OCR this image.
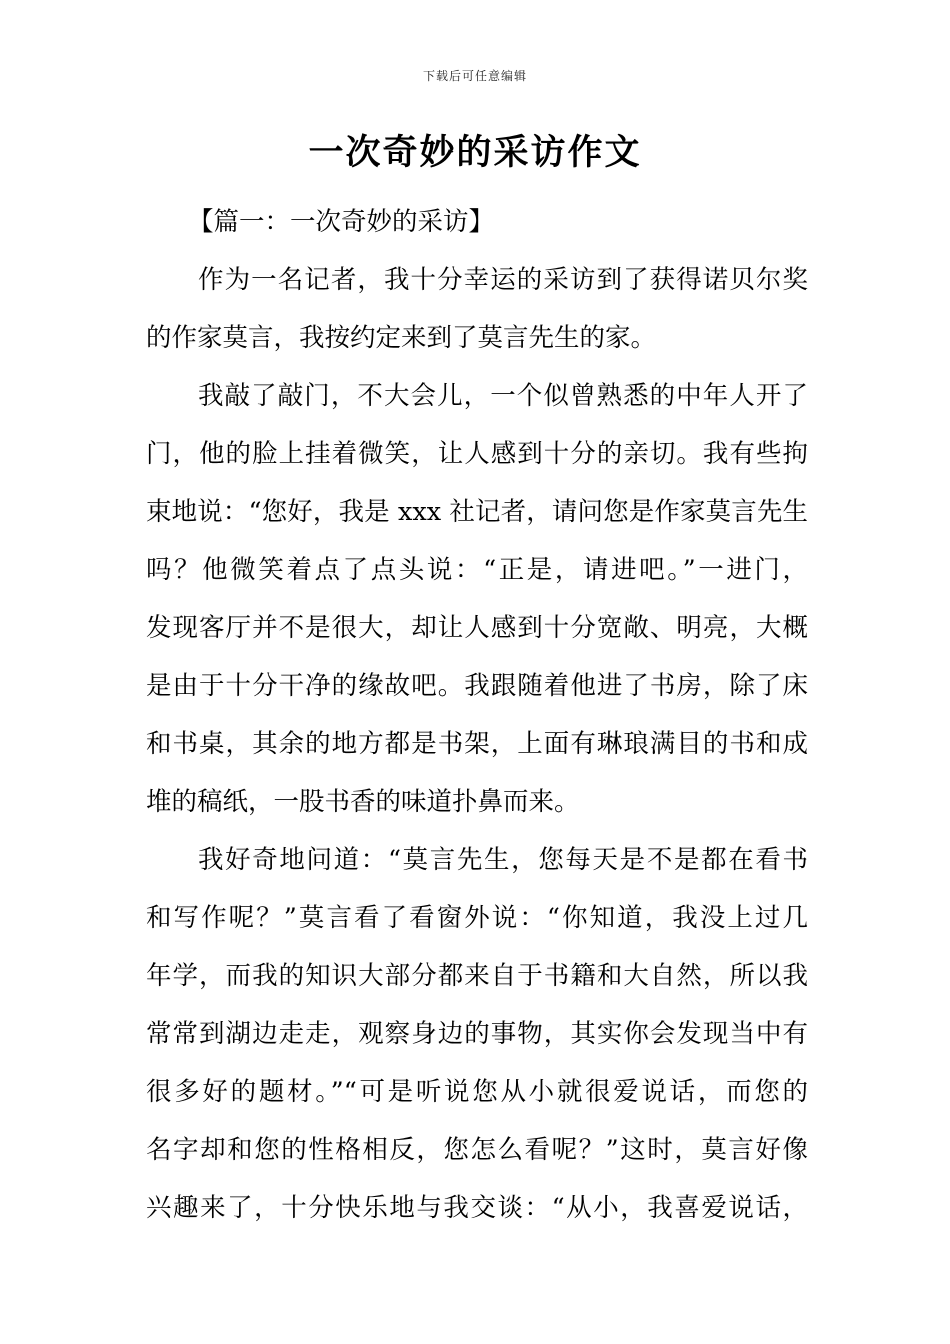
下载后可任意编辑
一次奇妙的采访作文
【篇一：一次奇妙的采访】

作为一名记者，我十分幸运的采访到了获得诺贝尔奖
的作家莫言，我按约定来到了莫言先生的家。

我敲了敲门，不大会儿，一个似曾熟悉的中年人开了
门，他的脸上挂着微笑，让人感到十分的亲切。我有些拘
束地说：“您好，我是 xxx 社记者，请问您是作家莫言先生
吗？他微笑着点了点头说：“正是，请进吧。”一进门，
发现客厅并不是很大，却让人感到十分宽敞、明亮，大概
是由于十分干净的缘故吧。我跟随着他进了书房，除了床
和书桌，其余的地方都是书架，上面有琳琅满目的书和成
堆的稿纸，一股书香的味道扑鼻而来。

我好奇地问道：“莫言先生，您每天是不是都在看书
和写作呢？”莫言看了看窗外说：“你知道，我没上过几
年学，而我的知识大部分都来自于书籍和大自然，所以我
常常到湖边走走，观察身边的事物，其实你会发现当中有
很多好的题材。”“可是听说您从小就很爱说话，而您的
名字却和您的性格相反，您怎么看呢？”这时，莫言好像
兴趣来了，十分快乐地与我交谈：“从小，我喜爱说话，
